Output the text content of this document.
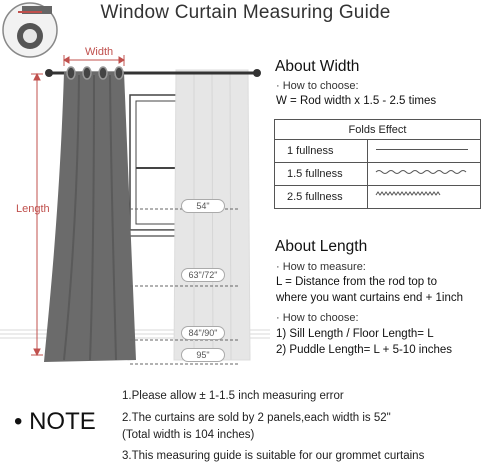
Window Curtain Measuring Guide
Width
Length	54"
63"/72"
84"/90"
95"
About Width
· How to choose:
W = Rod width x 1.5 - 2.5 times
Folds Effect	
1 fullness	
1.5 fullness	
2.5 fullness	
About Length
· How to measure:
L = Distance from the rod top to
where you want curtains end + 1inch
· How to choose:
1) Sill Length / Floor Length= L
2) Puddle Length= L + 5-10 inches
• NOTE
1.Please allow ± 1-1.5 inch measuring error
2.The curtains are sold by 2 panels,each width is 52"
(Total width is 104 inches)
3.This measuring guide is suitable for our grommet curtains
